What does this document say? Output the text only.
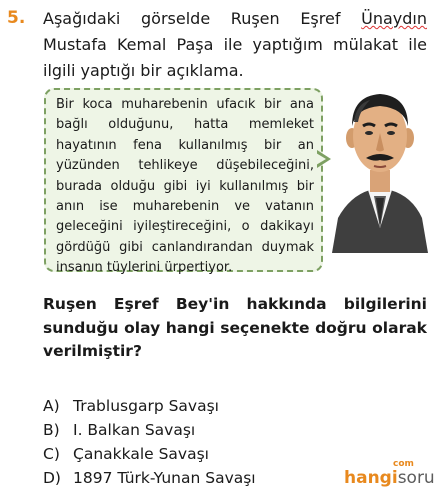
5. Aşağıdaki görselde Ruşen Eşref Ünaydın
Mustafa Kemal Paşa ile yaptığım mülakat ile
ilgili yaptığı bir açıklama.
Bir koca muharebenin ufacık bir ana
bağlı olduğunu, hatta memleket
hayatının fena kullanılmış bir an
yüzünden tehlikeye düşebileceğini,
burada olduğu gibi iyi kullanılmış bir
anın ise muharebenin ve vatanın
geleceğini iyileştireceğini, o dakikayı
gördüğü gibi canlandırandan duymak
insanın tüylerini ürpertiyor.
Ruşen Eşref Bey'in hakkında bilgilerini
sunduğu olay hangi seçenekte doğru olarak
verilmiştir?
A) Trablusgarp Savaşı
B) I. Balkan Savaşı
C) Çanakkale Savaşı
D) 1897 Türk-Yunan Savaşı	hangisoru
com
